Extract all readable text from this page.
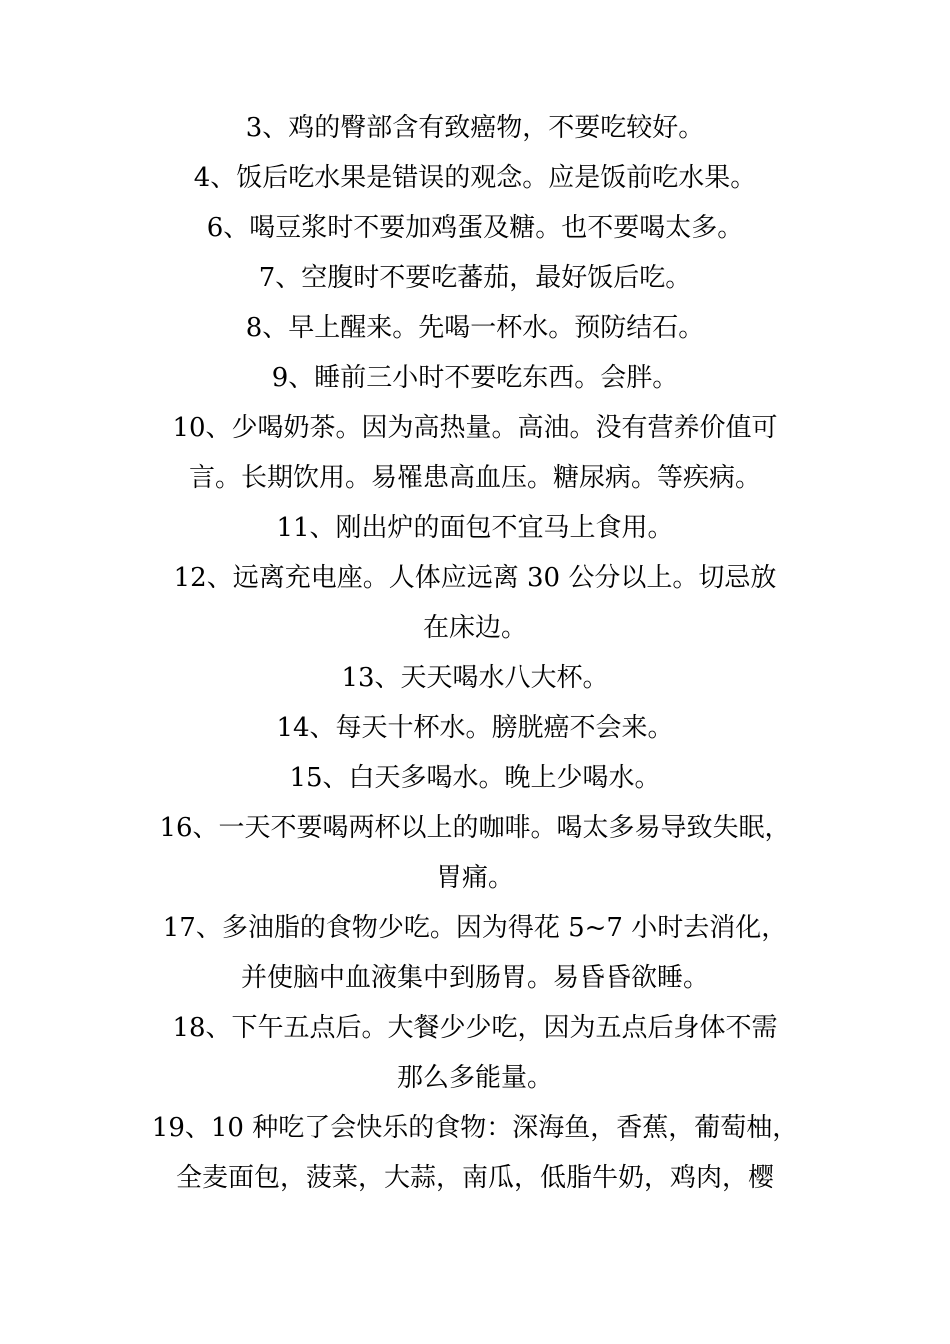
3、鸡的臀部含有致癌物，不要吃较好。

4、饭后吃水果是错误的观念。应是饭前吃水果。

6、喝豆浆时不要加鸡蛋及糖。也不要喝太多。

7、空腹时不要吃蕃茄，最好饭后吃。

8、早上醒来。先喝一杯水。预防结石。

9、睡前三小时不要吃东西。会胖。

10、少喝奶茶。因为高热量。高油。没有营养价值可

言。长期饮用。易罹患高血压。糖尿病。等疾病。

11、刚出炉的面包不宜马上食用。

12、远离充电座。人体应远离 30 公分以上。切忌放

在床边。

13、天天喝水八大杯。

14、每天十杯水。膀胱癌不会来。

15、白天多喝水。晚上少喝水。

16、一天不要喝两杯以上的咖啡。喝太多易导致失眠，

胃痛。

17、多油脂的食物少吃。因为得花 5~7 小时去消化，

并使脑中血液集中到肠胃。易昏昏欲睡。

18、下午五点后。大餐少少吃，因为五点后身体不需

那么多能量。

19、10 种吃了会快乐的食物：深海鱼，香蕉，葡萄柚，

全麦面包，菠菜，大蒜，南瓜，低脂牛奶，鸡肉，樱
